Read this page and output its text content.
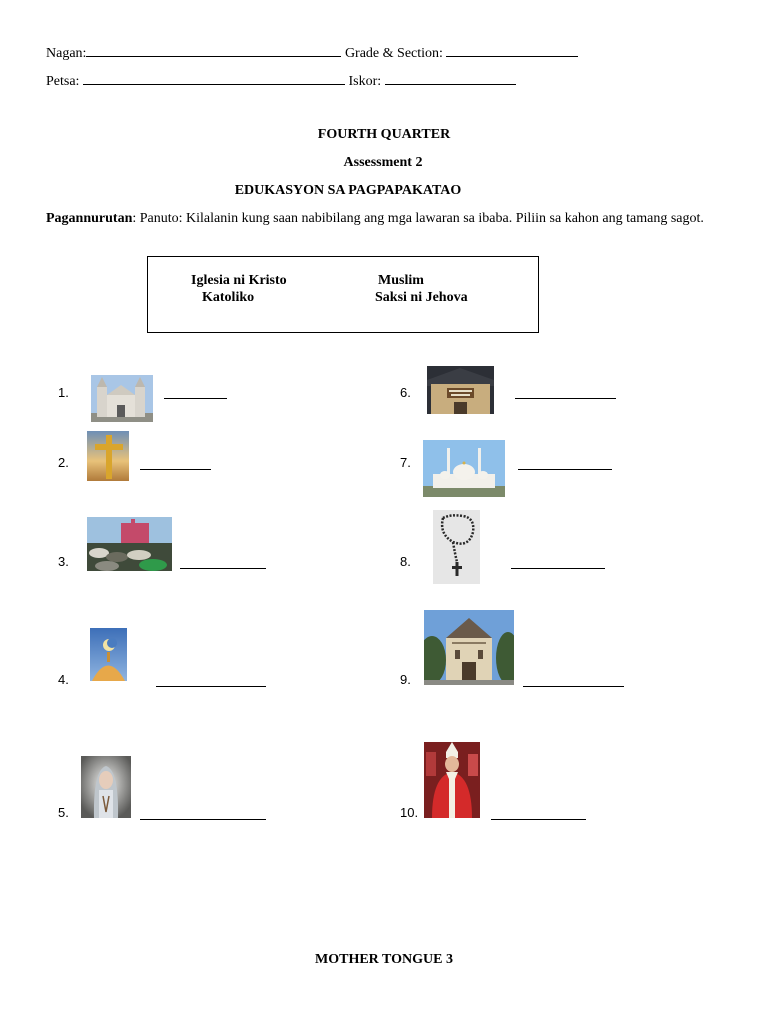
Nagan:	Grade & Section:
Petsa:	Iskor:
FOURTH QUARTER
Assessment 2
EDUKASYON SA PAGPAPAKATAO
Pagannurutan: Panuto: Kilalanin kung saan nabibilang ang mga lawaran sa ibaba. Piliin sa kahon ang tamang sagot.
Iglesia ni Kristo	Muslim
Katoliko	Saksi ni Jehova
1.
2.
3.
4.
5.
6.
7.
8.
9.
10.
MOTHER TONGUE 3
